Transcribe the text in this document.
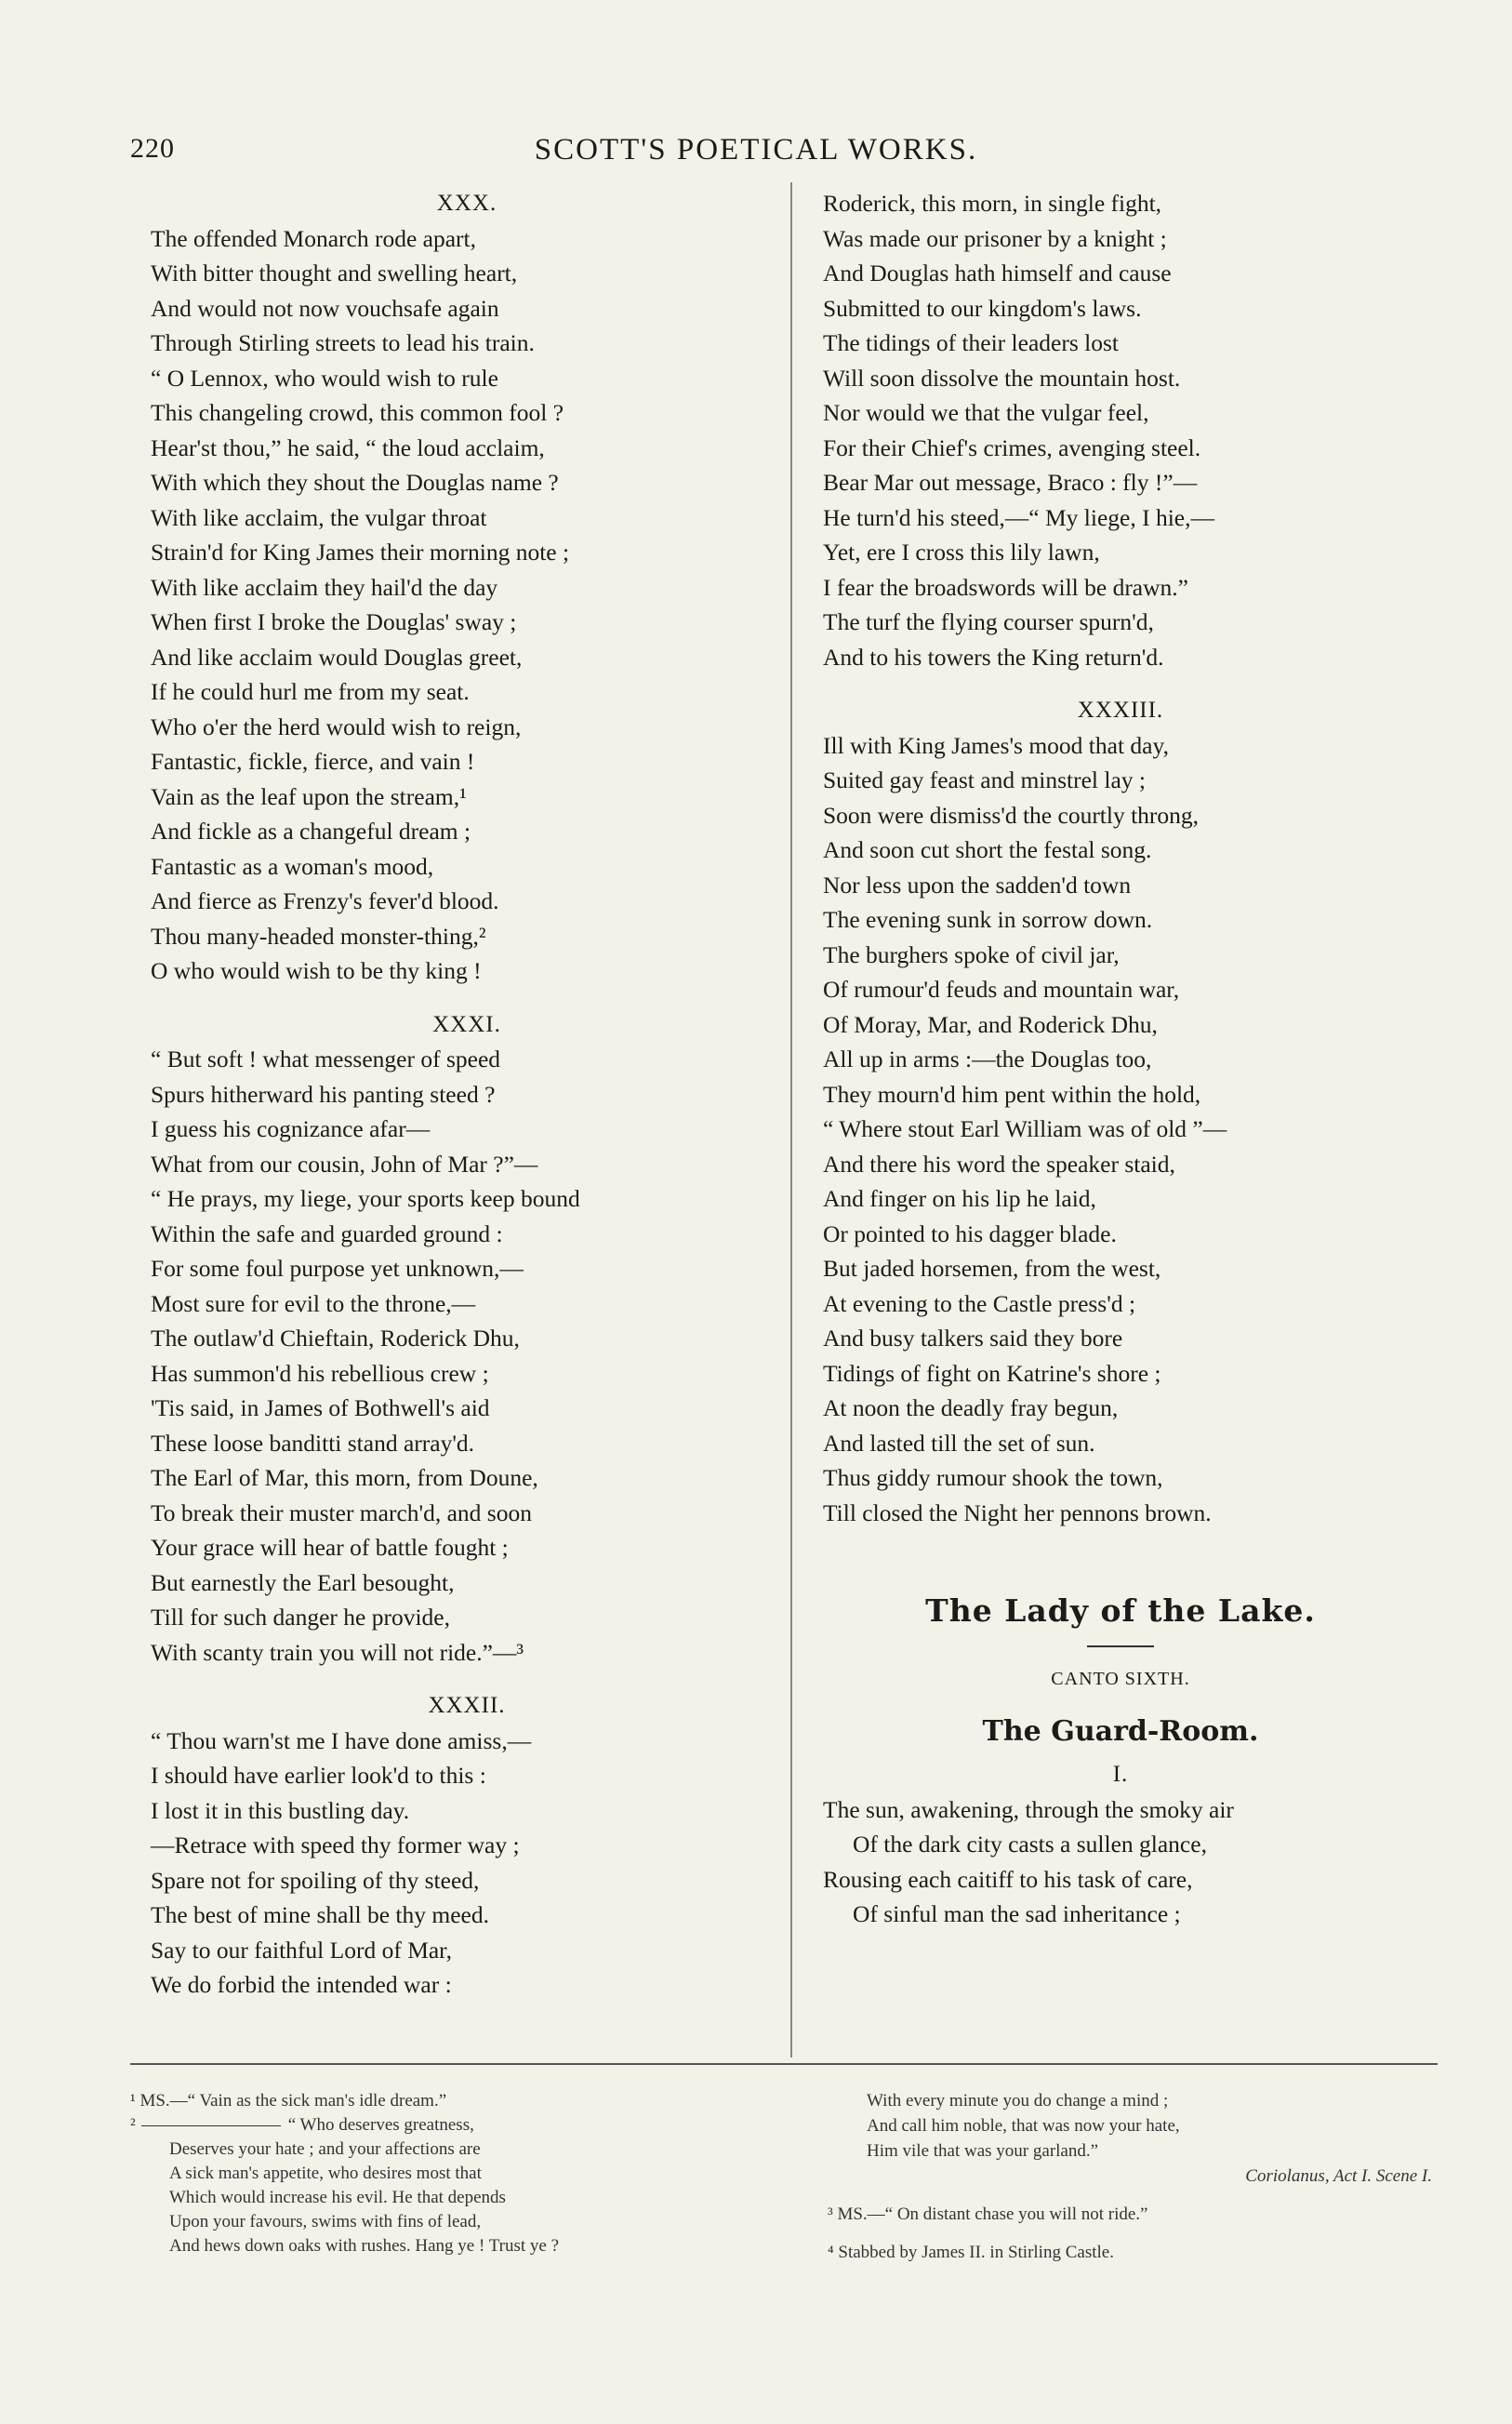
220	SCOTT'S POETICAL WORKS.
XXX.
The offended Monarch rode apart,
With bitter thought and swelling heart,
And would not now vouchsafe again
Through Stirling streets to lead his train.
“ O Lennox, who would wish to rule
This changeling crowd, this common fool ?
Hear'st thou,” he said, “ the loud acclaim,
With which they shout the Douglas name ?
With like acclaim, the vulgar throat
Strain'd for King James their morning note ;
With like acclaim they hail'd the day
When first I broke the Douglas' sway ;
And like acclaim would Douglas greet,
If he could hurl me from my seat.
Who o'er the herd would wish to reign,
Fantastic, fickle, fierce, and vain !
Vain as the leaf upon the stream,¹
And fickle as a changeful dream ;
Fantastic as a woman's mood,
And fierce as Frenzy's fever'd blood.
Thou many-headed monster-thing,²
O who would wish to be thy king !
XXXI.
“ But soft ! what messenger of speed
Spurs hitherward his panting steed ?
I guess his cognizance afar—
What from our cousin, John of Mar ?”—
“ He prays, my liege, your sports keep bound
Within the safe and guarded ground :
For some foul purpose yet unknown,—
Most sure for evil to the throne,—
The outlaw'd Chieftain, Roderick Dhu,
Has summon'd his rebellious crew ;
'Tis said, in James of Bothwell's aid
These loose banditti stand array'd.
The Earl of Mar, this morn, from Doune,
To break their muster march'd, and soon
Your grace will hear of battle fought ;
But earnestly the Earl besought,
Till for such danger he provide,
With scanty train you will not ride.”—³
XXXII.
“ Thou warn'st me I have done amiss,—
I should have earlier look'd to this :
I lost it in this bustling day.
—Retrace with speed thy former way ;
Spare not for spoiling of thy steed,
The best of mine shall be thy meed.
Say to our faithful Lord of Mar,
We do forbid the intended war :
Roderick, this morn, in single fight,
Was made our prisoner by a knight ;
And Douglas hath himself and cause
Submitted to our kingdom's laws.
The tidings of their leaders lost
Will soon dissolve the mountain host.
Nor would we that the vulgar feel,
For their Chief's crimes, avenging steel.
Bear Mar out message, Braco : fly !”—
He turn'd his steed,—“ My liege, I hie,—
Yet, ere I cross this lily lawn,
I fear the broadswords will be drawn.”
The turf the flying courser spurn'd,
And to his towers the King return'd.
XXXIII.
Ill with King James's mood that day,
Suited gay feast and minstrel lay ;
Soon were dismiss'd the courtly throng,
And soon cut short the festal song.
Nor less upon the sadden'd town
The evening sunk in sorrow down.
The burghers spoke of civil jar,
Of rumour'd feuds and mountain war,
Of Moray, Mar, and Roderick Dhu,
All up in arms :—the Douglas too,
They mourn'd him pent within the hold,
“ Where stout Earl William was of old ”—
And there his word the speaker staid,
And finger on his lip he laid,
Or pointed to his dagger blade.
But jaded horsemen, from the west,
At evening to the Castle press'd ;
And busy talkers said they bore
Tidings of fight on Katrine's shore ;
At noon the deadly fray begun,
And lasted till the set of sun.
Thus giddy rumour shook the town,
Till closed the Night her pennons brown.
The Lady of the Lake.
CANTO SIXTH.
The Guard-Room.
I.
The sun, awakening, through the smoky air
Of the dark city casts a sullen glance,
Rousing each caitiff to his task of care,
Of sinful man the sad inheritance ;
¹ MS.—“ Vain as the sick man's idle dream.”
²	“ Who deserves greatness,
Deserves your hate ; and your affections are
A sick man's appetite, who desires most that
Which would increase his evil. He that depends
Upon your favours, swims with fins of lead,
And hews down oaks with rushes. Hang ye ! Trust ye ?
With every minute you do change a mind ;
And call him noble, that was now your hate,
Him vile that was your garland.”
Coriolanus, Act I. Scene I.
³ MS.—“ On distant chase you will not ride.”
⁴ Stabbed by James II. in Stirling Castle.
